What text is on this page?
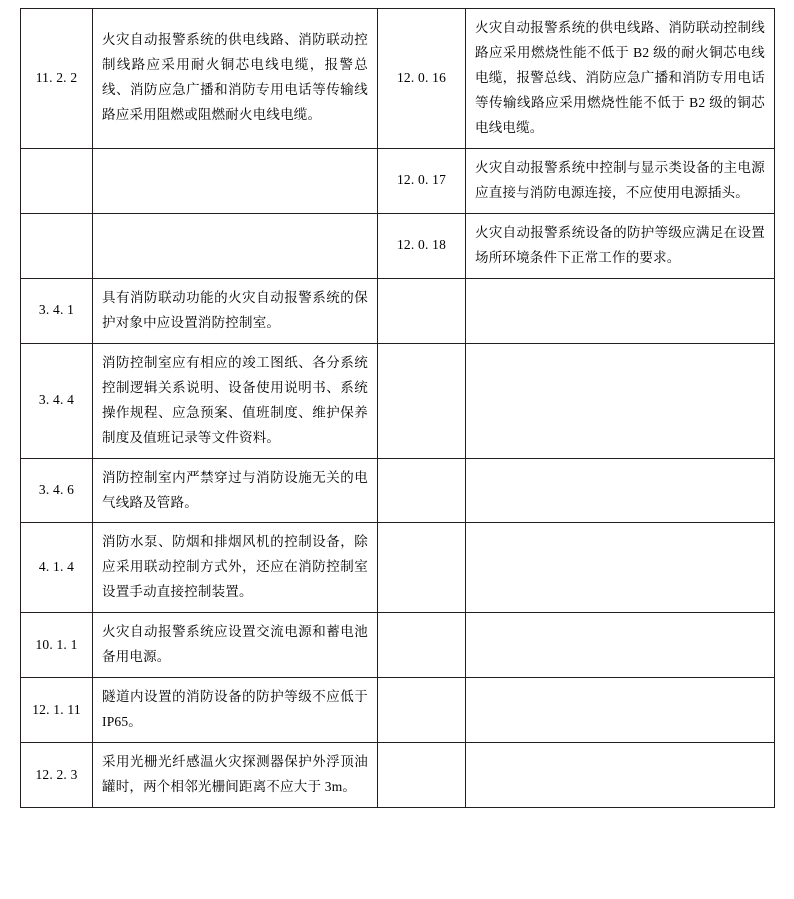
11. 2. 2	火灾自动报警系统的供电线路、消防联动控制线路应采用耐火铜芯电线电缆，报警总线、消防应急广播和消防专用电话等传输线路应采用阻燃或阻燃耐火电线电缆。	12. 0. 16	火灾自动报警系统的供电线路、消防联动控制线路应采用燃烧性能不低于 B2 级的耐火铜芯电线电缆，报警总线、消防应急广播和消防专用电话等传输线路应采用燃烧性能不低于 B2 级的铜芯电线电缆。
		12. 0. 17	火灾自动报警系统中控制与显示类设备的主电源应直接与消防电源连接，不应使用电源插头。
		12. 0. 18	火灾自动报警系统设备的防护等级应满足在设置场所环境条件下正常工作的要求。
3. 4. 1	具有消防联动功能的火灾自动报警系统的保护对象中应设置消防控制室。		
3. 4. 4	消防控制室应有相应的竣工图纸、各分系统控制逻辑关系说明、设备使用说明书、系统操作规程、应急预案、值班制度、维护保养制度及值班记录等文件资料。		
3. 4. 6	消防控制室内严禁穿过与消防设施无关的电气线路及管路。		
4. 1. 4	消防水泵、防烟和排烟风机的控制设备，除应采用联动控制方式外，还应在消防控制室设置手动直接控制装置。		
10. 1. 1	火灾自动报警系统应设置交流电源和蓄电池备用电源。		
12. 1. 11	隧道内设置的消防设备的防护等级不应低于 IP65。		
12. 2. 3	采用光栅光纤感温火灾探测器保护外浮顶油罐时，两个相邻光栅间距离不应大于 3m。		
